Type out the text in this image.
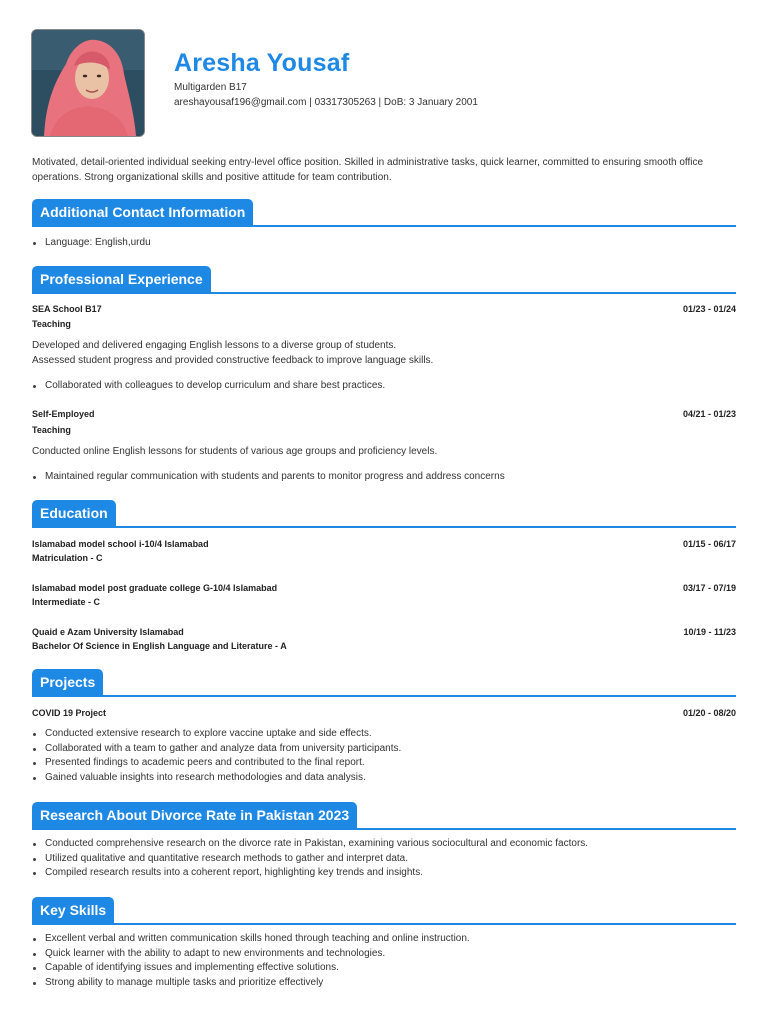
Aresha Yousaf
Multigarden B17
areshayousaf196@gmail.com | 03317305263 | DoB: 3 January 2001
Motivated, detail-oriented individual seeking entry-level office position. Skilled in administrative tasks, quick learner, committed to ensuring smooth office operations. Strong organizational skills and positive attitude for team contribution.
Additional Contact Information
Language: English,urdu
Professional Experience
SEA School B17	01/23 - 01/24
Teaching
Developed and delivered engaging English lessons to a diverse group of students.
Assessed student progress and provided constructive feedback to improve language skills.
Collaborated with colleagues to develop curriculum and share best practices.
Self-Employed	04/21 - 01/23
Teaching
Conducted online English lessons for students of various age groups and proficiency levels.
Maintained regular communication with students and parents to monitor progress and address concerns
Education
Islamabad model school i-10/4 Islamabad	01/15 - 06/17
Matriculation - C
Islamabad model post graduate college G-10/4 Islamabad	03/17 - 07/19
Intermediate - C
Quaid e Azam University Islamabad	10/19 - 11/23
Bachelor Of Science in English Language and Literature - A
Projects
COVID 19 Project	01/20 - 08/20
Conducted extensive research to explore vaccine uptake and side effects.
Collaborated with a team to gather and analyze data from university participants.
Presented findings to academic peers and contributed to the final report.
Gained valuable insights into research methodologies and data analysis.
Research About Divorce Rate in Pakistan 2023
Conducted comprehensive research on the divorce rate in Pakistan, examining various sociocultural and economic factors.
Utilized qualitative and quantitative research methods to gather and interpret data.
Compiled research results into a coherent report, highlighting key trends and insights.
Key Skills
Excellent verbal and written communication skills honed through teaching and online instruction.
Quick learner with the ability to adapt to new environments and technologies.
Capable of identifying issues and implementing effective solutions.
Strong ability to manage multiple tasks and prioritize effectively
